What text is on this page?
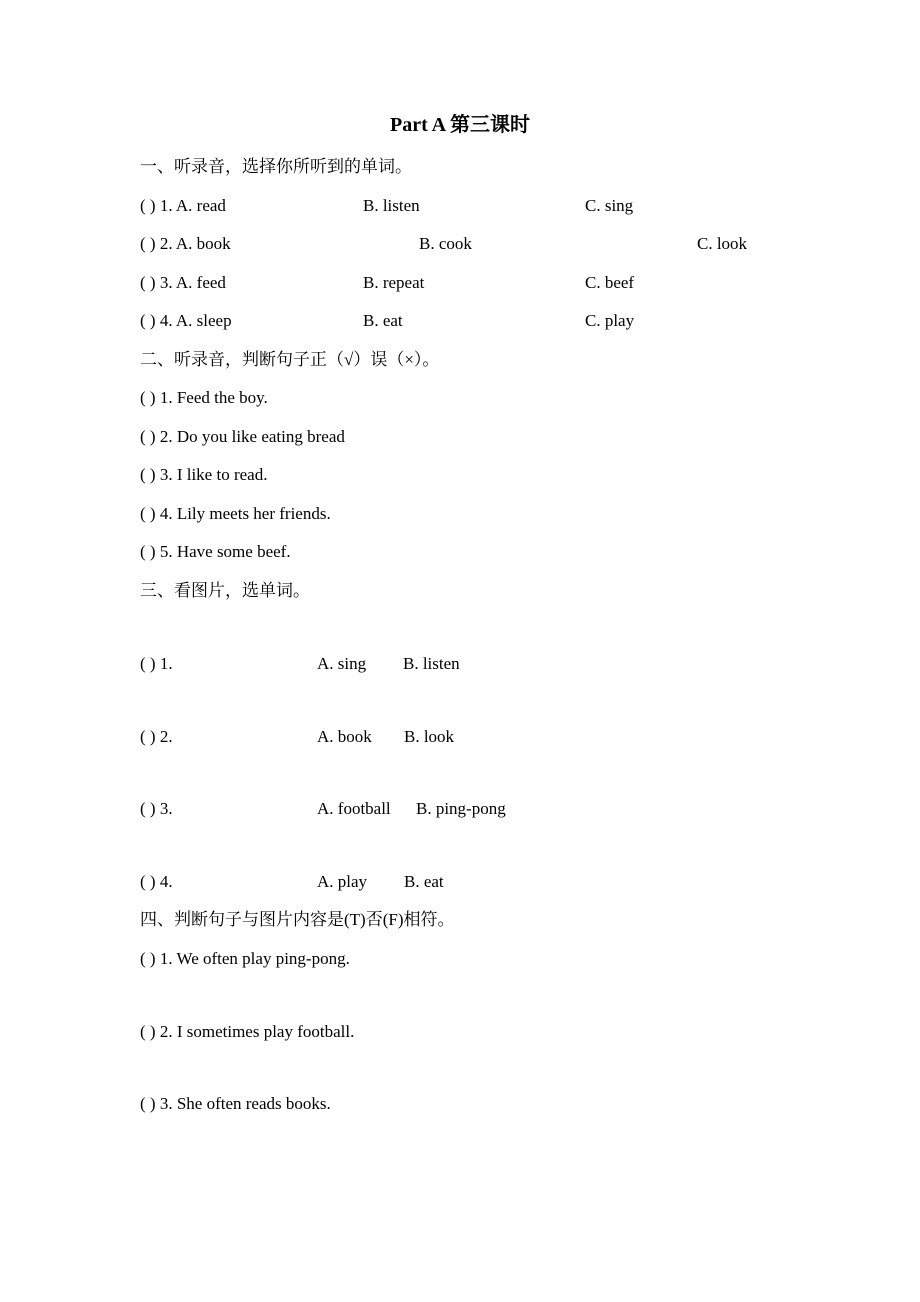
Part A 第三课时
一、听录音，选择你所听到的单词。
( ) 1. A. read	B. listen	C. sing
( ) 2. A. book	B. cook	C. look
( ) 3. A. feed	B. repeat	C. beef
( ) 4. A. sleep	B. eat	C. play
二、听录音，判断句子正（√）误（×）。
( ) 1. Feed the boy.
( ) 2. Do you like eating bread
( ) 3. I like to read.
( ) 4. Lily meets her friends.
( ) 5. Have some beef.
三、看图片，选单词。
( ) 1.	A. sing B. listen
( ) 2.	A. book B. look
( ) 3.	A. football B. ping-pong
( ) 4.	A. play B. eat
四、判断句子与图片内容是(T)否(F)相符。
( ) 1. We often play ping-pong.
( ) 2. I sometimes play football.
( ) 3. She often reads books.
